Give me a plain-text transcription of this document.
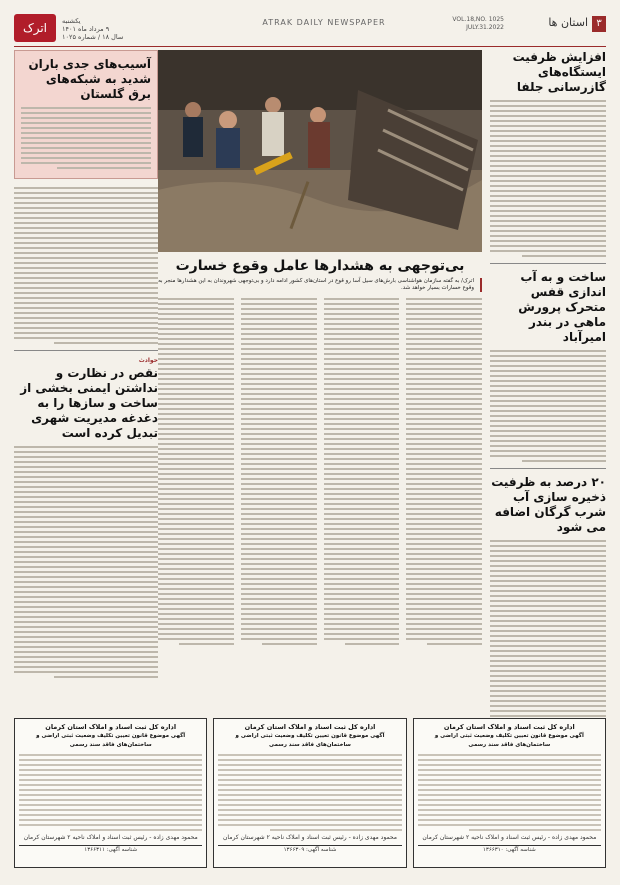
۳
استان ها
VOL.18,NO. 1025
JULY.31.2022
ATRAK DAILY NEWSPAPER
یکشنبه
۹ مرداد ماه ۱۴۰۱
سال ۱۸ / شماره ۱۰۲۵
اترک
افزایش ظرفیت ایستگاه‌های گازرسانی جلفا
ساخت و به آب اندازی قفس متحرک پرورش ماهی در بندر امیرآباد
۲۰ درصد به ظرفیت ذخیره سازی آب شرب گرگان اضافه می شود
بی‌توجهی به هشدارها عامل وقوع خسارت
اترک/ به گفته سازمان هواشناسی بارش‌های سیل آسا رو قوع در استان‌های کشور ادامه دارد و بی‌توجهی شهروندان به این هشدارها منجر به وقوع خسارات بسیار خواهد شد.
آسیب‌های جدی باران شدید به شبکه‌های برق گلستان
حوادث
نقص در نظارت و نداشتن ایمنی بخشی از ساخت و سازها را به دغدغه مدیریت شهری تبدیل کرده است
اداره کل ثبت اسناد و املاک استان کرمان
آگهی موضوع قانون تعیین تکلیف وضعیت ثبتی اراضی و ساختمان‌های فاقد سند رسمی
محمود مهدی زاده - رئیس ثبت اسناد و املاک ناحیه ۲ شهرستان کرمان
شناسه آگهی: ۱۳۶۶۳۱۰
اداره کل ثبت اسناد و املاک استان کرمان
آگهی موضوع قانون تعیین تکلیف وضعیت ثبتی اراضی و ساختمان‌های فاقد سند رسمی
محمود مهدی زاده - رئیس ثبت اسناد و املاک ناحیه ۲ شهرستان کرمان
شناسه آگهی: ۱۳۶۶۳۰۹
اداره کل ثبت اسناد و املاک استان کرمان
آگهی موضوع قانون تعیین تکلیف وضعیت ثبتی اراضی و ساختمان‌های فاقد سند رسمی
محمود مهدی زاده - رئیس ثبت اسناد و املاک ناحیه ۲ شهرستان کرمان
شناسه آگهی: ۱۳۶۶۳۱۱
